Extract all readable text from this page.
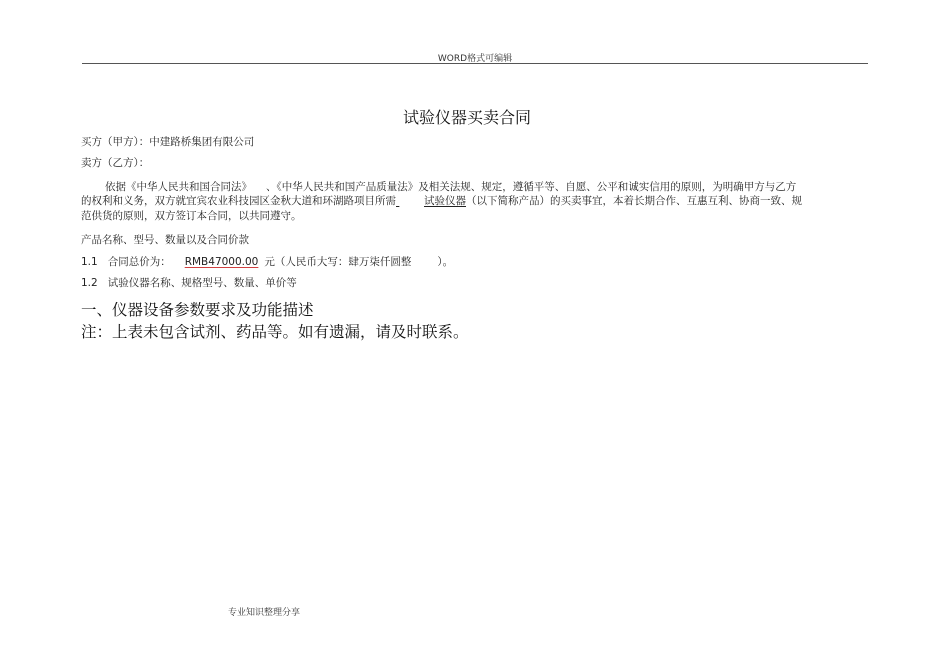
WORD格式可编辑
试验仪器买卖合同
买方（甲方）：中建路桥集团有限公司
卖方（乙方）：
依据《中华人民共和国合同法》 、《中华人民共和国产品质量法》及相关法规、规定，遵循平等、自愿、公平和诚实信用的原则，为明确甲方与乙方
的权利和义务，双方就宜宾农业科技园区金秋大道和环湖路项目所需	试验仪器（以下简称产品）的买卖事宜，本着长期合作、互惠互利、协商一致、规
范供货的原则，双方签订本合同，以共同遵守。
产品名称、型号、数量以及合同价款
1.1 合同总价为： RMB47000.00 元（人民币大写：肆万柒仟圆整 ）。
1.2 试验仪器名称、规格型号、数量、单价等
一、仪器设备参数要求及功能描述
注：上表未包含试剂、药品等。如有遗漏，请及时联系。
专业知识整理分享
